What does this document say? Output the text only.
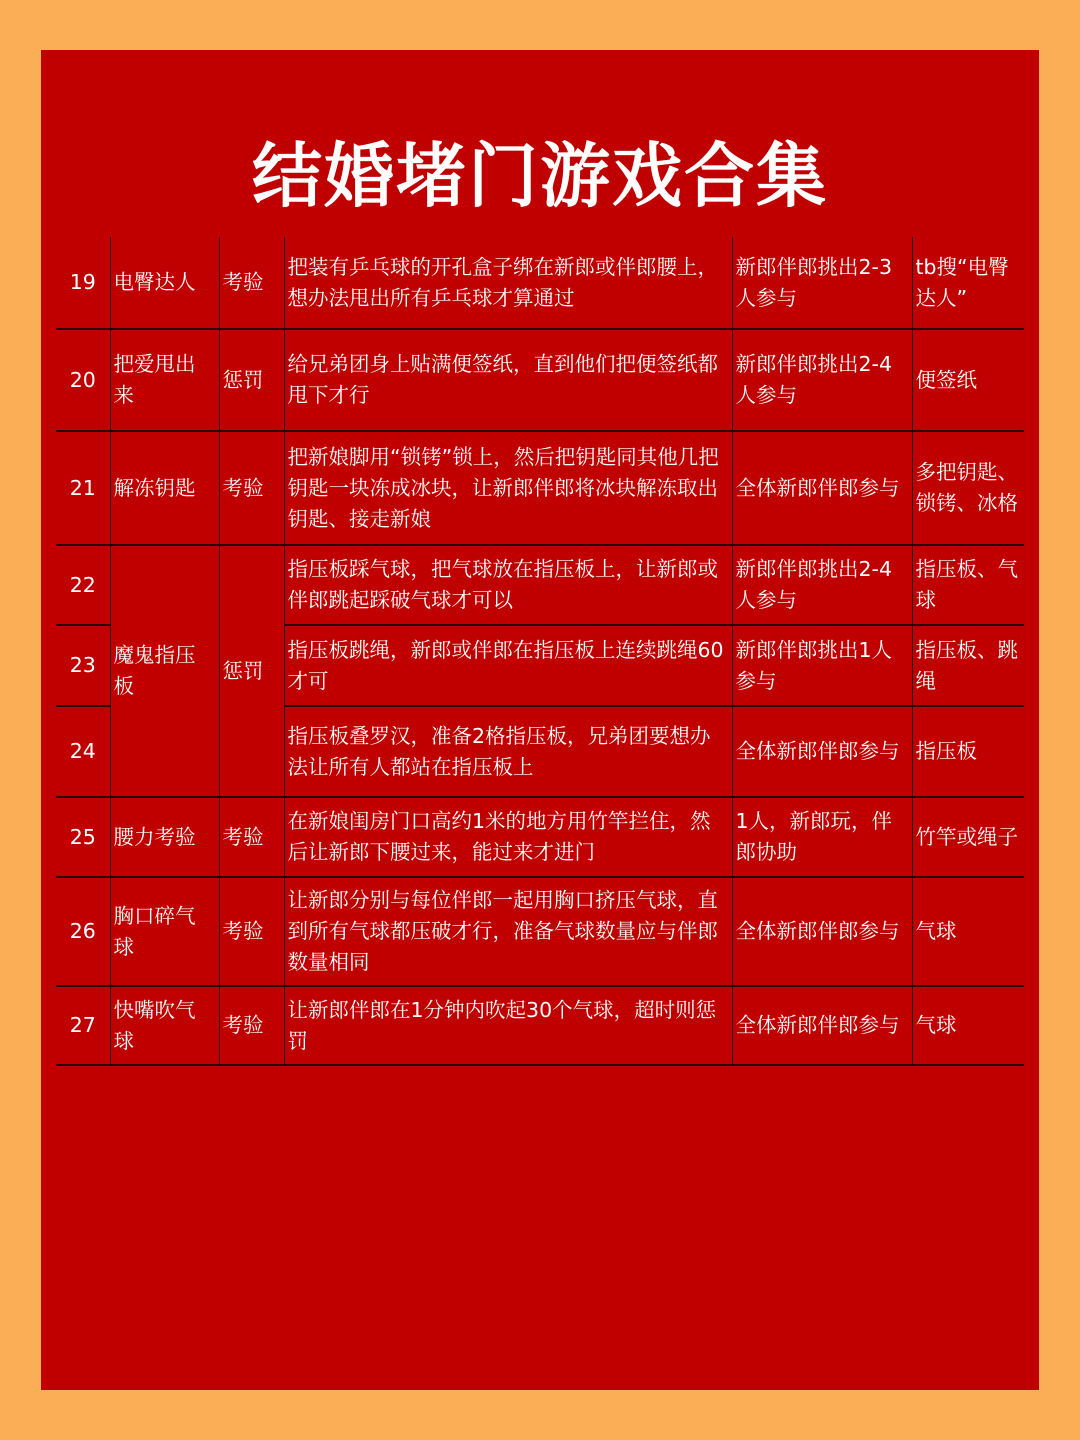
结婚堵门游戏合集
19	电臀达人	考验	把装有乒乓球的开孔盒子绑在新郎或伴郎腰上，想办法甩出所有乒乓球才算通过	新郎伴郎挑出2-3人参与	tb搜“电臀达人”
20	把爱甩出来	惩罚	给兄弟团身上贴满便签纸，直到他们把便签纸都甩下才行	新郎伴郎挑出2-4人参与	便签纸
21	解冻钥匙	考验	把新娘脚用“锁铐”锁上，然后把钥匙同其他几把钥匙一块冻成冰块，让新郎伴郎将冰块解冻取出钥匙、接走新娘	全体新郎伴郎参与	多把钥匙、锁铐、冰格
22	魔鬼指压板	惩罚	指压板踩气球，把气球放在指压板上，让新郎或伴郎跳起踩破气球才可以	新郎伴郎挑出2-4人参与	指压板、气球
23			指压板跳绳，新郎或伴郎在指压板上连续跳绳60才可	新郎伴郎挑出1人参与	指压板、跳绳
24			指压板叠罗汉，准备2格指压板，兄弟团要想办法让所有人都站在指压板上	全体新郎伴郎参与	指压板
25	腰力考验	考验	在新娘闺房门口高约1米的地方用竹竿拦住，然后让新郎下腰过来，能过来才进门	1人，新郎玩，伴郎协助	竹竿或绳子
26	胸口碎气球	考验	让新郎分别与每位伴郎一起用胸口挤压气球，直到所有气球都压破才行，准备气球数量应与伴郎数量相同	全体新郎伴郎参与	气球
27	快嘴吹气球	考验	让新郎伴郎在1分钟内吹起30个气球，超时则惩罚	全体新郎伴郎参与	气球
